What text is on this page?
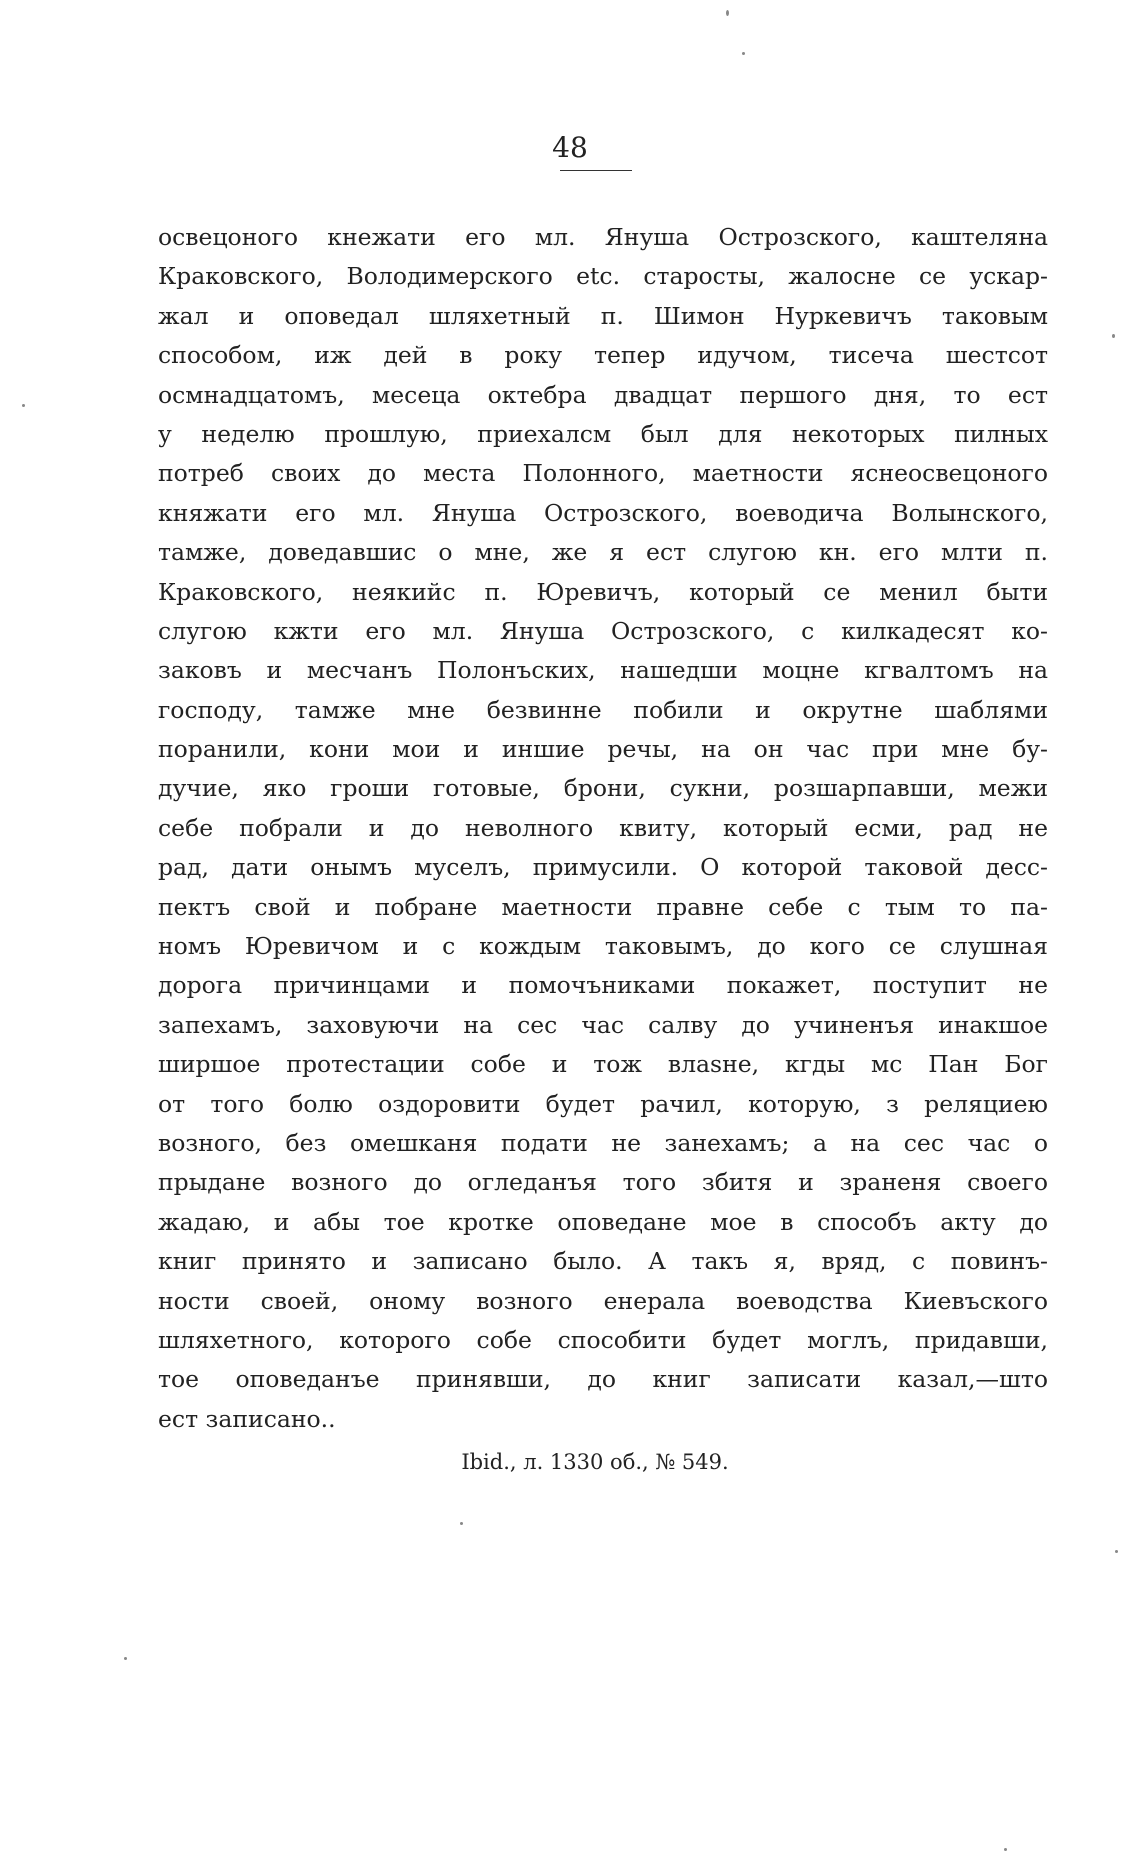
48
освецоного кнежати его мл. Януша Острозского, каштеляна
Краковского, Володимерского etc. старосты, жалосне се ускар-
жал и оповедал шляхетный п. Шимон Нуркевичъ таковым
способом, иж дей в року тепер идучом, тисеча шестсот
осмнадцатомъ, месеца октебра двадцат першого дня, то ест
у неделю прошлую, приехалсм был для некоторых пилных
потреб своих до места Полонного, маетности яснеосвецоного
княжати его мл. Януша Острозского, воеводича Волынского,
тамже, доведавшис о мне, же я ест слугою кн. его млти п.
Краковского, неякийс п. Юревичъ, который се менил быти
слугою кжти его мл. Януша Острозского, с килкадесят ко-
заковъ и месчанъ Полонъских, нашедши моцне кгвалтомъ на
господу, тамже мне безвинне побили и окрутне шаблями
поранили, кони мои и иншие речы, на он час при мне бу-
дучие, яко гроши готовые, брони, сукни, розшарпавши, межи
себе побрали и до неволного квиту, который есми, рад не
рад, дати онымъ муселъ, примусили. О которой таковой десс-
пектъ свой и побране маетности правне себе с тым то па-
номъ Юревичом и с кождым таковымъ, до кого се слушная
дорога причинцами и помочъниками покажет, поступит не
запехамъ, заховуючи на сес час салву до учиненъя инакшое
ширшое протестации собе и тож влasне, кгды мс Пан Бог
от того болю оздоровити будет рачил, которую, з реляциею
возного, без омешканя подати не занехамъ; а на сес час о
прыдане возного до огледанъя того збитя и зраненя своего
жадаю, и абы тое кротке оповедане мое в способъ акту до
книг принято и записано было. А такъ я, вряд, с повинъ-
ности своей, оному возного енерала воеводства Киевъского
шляхетного, которого собе способити будет моглъ, придавши,
тое оповеданъе принявши, до книг записати казал,—што
ест записано..
Ibid., л. 1330 об., № 549.
